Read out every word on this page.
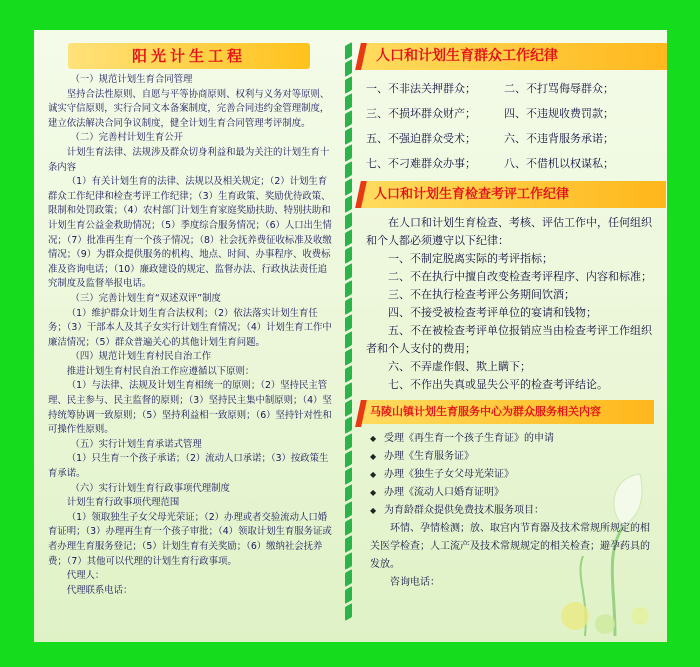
阳光计生工程

（一）规范计划生育合同管理

坚持合法性原则、自愿与平等协商原则、权利与义务对等原则、诚实守信原则，实行合同文本备案制度，完善合同违约金管理制度，建立依法解决合同争议制度，健全计划生育合同管理考评制度。

（二）完善村计划生育公开

计划生育法律、法规涉及群众切身利益和最为关注的计划生育十条内容

（1）有关计划生育的法律、法规以及相关规定；（2）计划生育群众工作纪律和检查考评工作纪律；（3）生育政策、奖励优待政策、限制和处罚政策；（4）农村部门计划生育家庭奖励扶助、特别扶助和计划生育公益金救助情况；（5）季度综合服务情况；（6）人口出生情况；（7）批准再生育一个孩子情况；（8）社会抚养费征收标准及收缴情况；（9）为群众提供服务的机构、地点、时间、办事程序、收费标准及咨询电话；（10）廉政建设的规定、监督办法、行政执法责任追究制度及监督举报电话。

（三）完善计划生育“双述双评”制度

（1）维护群众计划生育合法权利；（2）依法落实计划生育任务；（3）干部本人及其子女实行计划生育情况；（4）计划生育工作中廉洁情况；（5）群众普遍关心的其他计划生育问题。

（四）规范计划生育村民自治工作

推进计划生育村民自治工作应遵循以下原则：

（1）与法律、法规及计划生育相统一的原则；（2）坚持民主管理、民主参与、民主监督的原则；（3）坚持民主集中制原则；（4）坚持统筹协调一致原则；（5）坚持利益相一致原则；（6）坚持针对性和可操作性原则。

（五）实行计划生育承诺式管理

（1）只生育一个孩子承诺；（2）流动人口承诺；（3）按政策生育承诺。

（六）实行计划生育行政事项代理制度

计划生育行政事项代理范围

（1）领取独生子女父母光荣证；（2）办理或者交验流动人口婚育证明；（3）办理再生育一个孩子审批；（4）领取计划生育服务证或者办理生育服务登记；（5）计划生育有关奖励；（6）缴纳社会抚养费；（7）其他可以代理的计划生育行政事项。

代理人：

代理联系电话：

人口和计划生育群众工作纪律
一、不非法关押群众；	二、不打骂侮辱群众；
三、不损坏群众财产；	四、不违规收费罚款；
五、不强迫群众受术；	六、不违背服务承诺；
七、不刁难群众办事；	八、不借机以权谋私；
人口和计划生育检查考评工作纪律

在人口和计划生育检查、考核、评估工作中，任何组织和个人都必须遵守以下纪律：

一、不制定脱离实际的考评指标；

二、不在执行中擅自改变检查考评程序、内容和标准；

三、不在执行检查考评公务期间饮酒；

四、不接受被检查考评单位的宴请和钱物；

五、不在被检查考评单位报销应当由检查考评工作组织者和个人支付的费用；

六、不弄虚作假、欺上瞒下；

七、不作出失真或显失公平的检查考评结论。

马陵山镇计划生育服务中心为群众服务相关内容

◆ 受理《再生育一个孩子生育证》的申请

◆ 办理《生育服务证》

◆ 办理《独生子女父母光荣证》

◆ 办理《流动人口婚育证明》

◆ 为育龄群众提供免费技术服务项目：

环情、孕情检测；放、取宫内节育器及技术常规所规定的相关医学检查；人工流产及技术常规规定的相关检查；避孕药具的发放。

咨询电话：
